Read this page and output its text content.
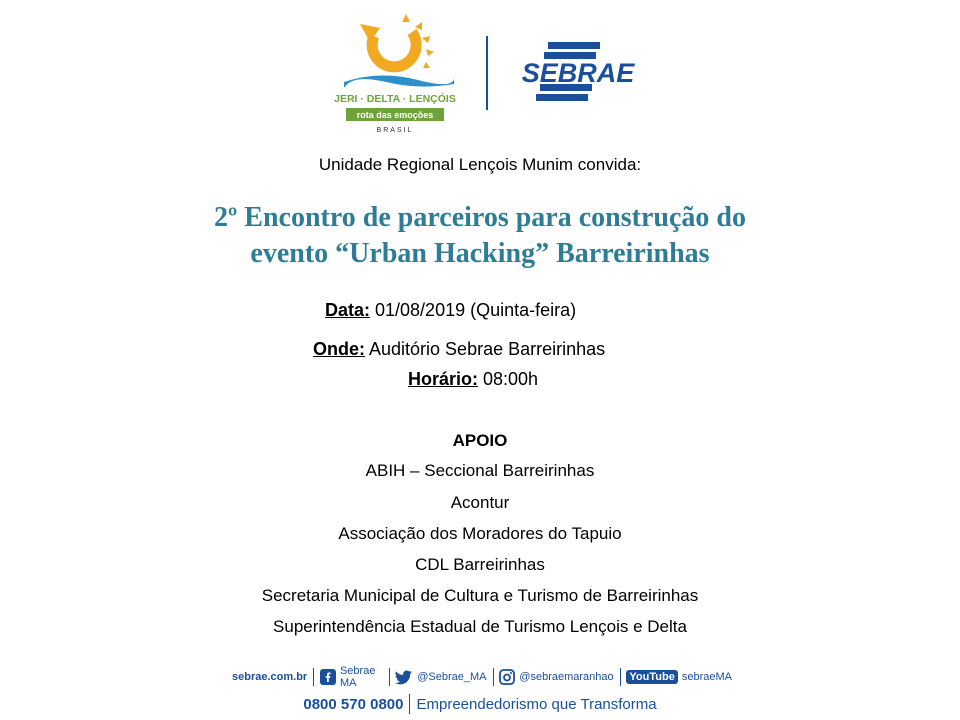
JERI · DELTA · LENÇÓIS
rota das emoções
BRASIL
SEBRAE
Unidade Regional Lençois Munim convida:
2º Encontro de parceiros para construção do
evento “Urban Hacking” Barreirinhas
Data: 01/08/2019 (Quinta-feira)
Onde: Auditório Sebrae Barreirinhas
Horário: 08:00h
APOIO
ABIH – Seccional Barreirinhas
Acontur
Associação dos Moradores do Tapuio
CDL Barreirinhas
Secretaria Municipal de Cultura e Turismo de Barreirinhas
Superintendência Estadual de Turismo Lençois e Delta
sebrae.com.br	Sebrae MA	@Sebrae_MA	@sebraemaranhao YouTube sebraeMA
0800 570 0800 Empreendedorismo que Transforma
